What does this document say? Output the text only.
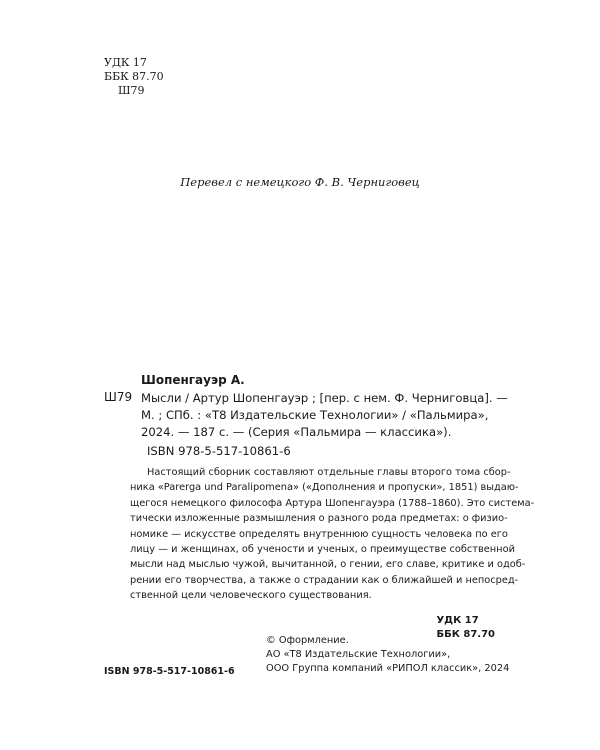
УДК 17
ББК 87.70
Ш79
Перевел с немецкого Ф. В. Черниговец
Шопенгауэр А.
Ш79 Мысли / Артур Шопенгауэр ; [пер. с нем. Ф. Черниговца]. —
М. ; СПб. : «Т8 Издательские Технологии» / «Пальмира»,
2024. — 187 с. — (Серия «Пальмира — классика»).
ISBN 978-5-517-10861-6
Настоящий сборник составляют отдельные главы второго тома сбор-
ника «Parerga und Paralipomena» («Дополнения и пропуски», 1851) выдаю-
щегося немецкого философа Артура Шопенгауэра (1788–1860). Это система-
тически изложенные размышления о разного рода предметах: о физио-
номике — искусстве определять внутреннюю сущность человека по его
лицу — и женщинах, об учености и ученых, о преимуществе собственной
мысли над мыслью чужой, вычитанной, о гении, его славе, критике и одоб-
рении его творчества, а также о страдании как о ближайшей и непосред-
ственной цели человеческого существования.
УДК 17
ББК 87.70
© Оформление.
АО «Т8 Издательские Технологии»,
ООО Группа компаний «РИПОЛ классик», 2024
ISBN 978-5-517-10861-6
